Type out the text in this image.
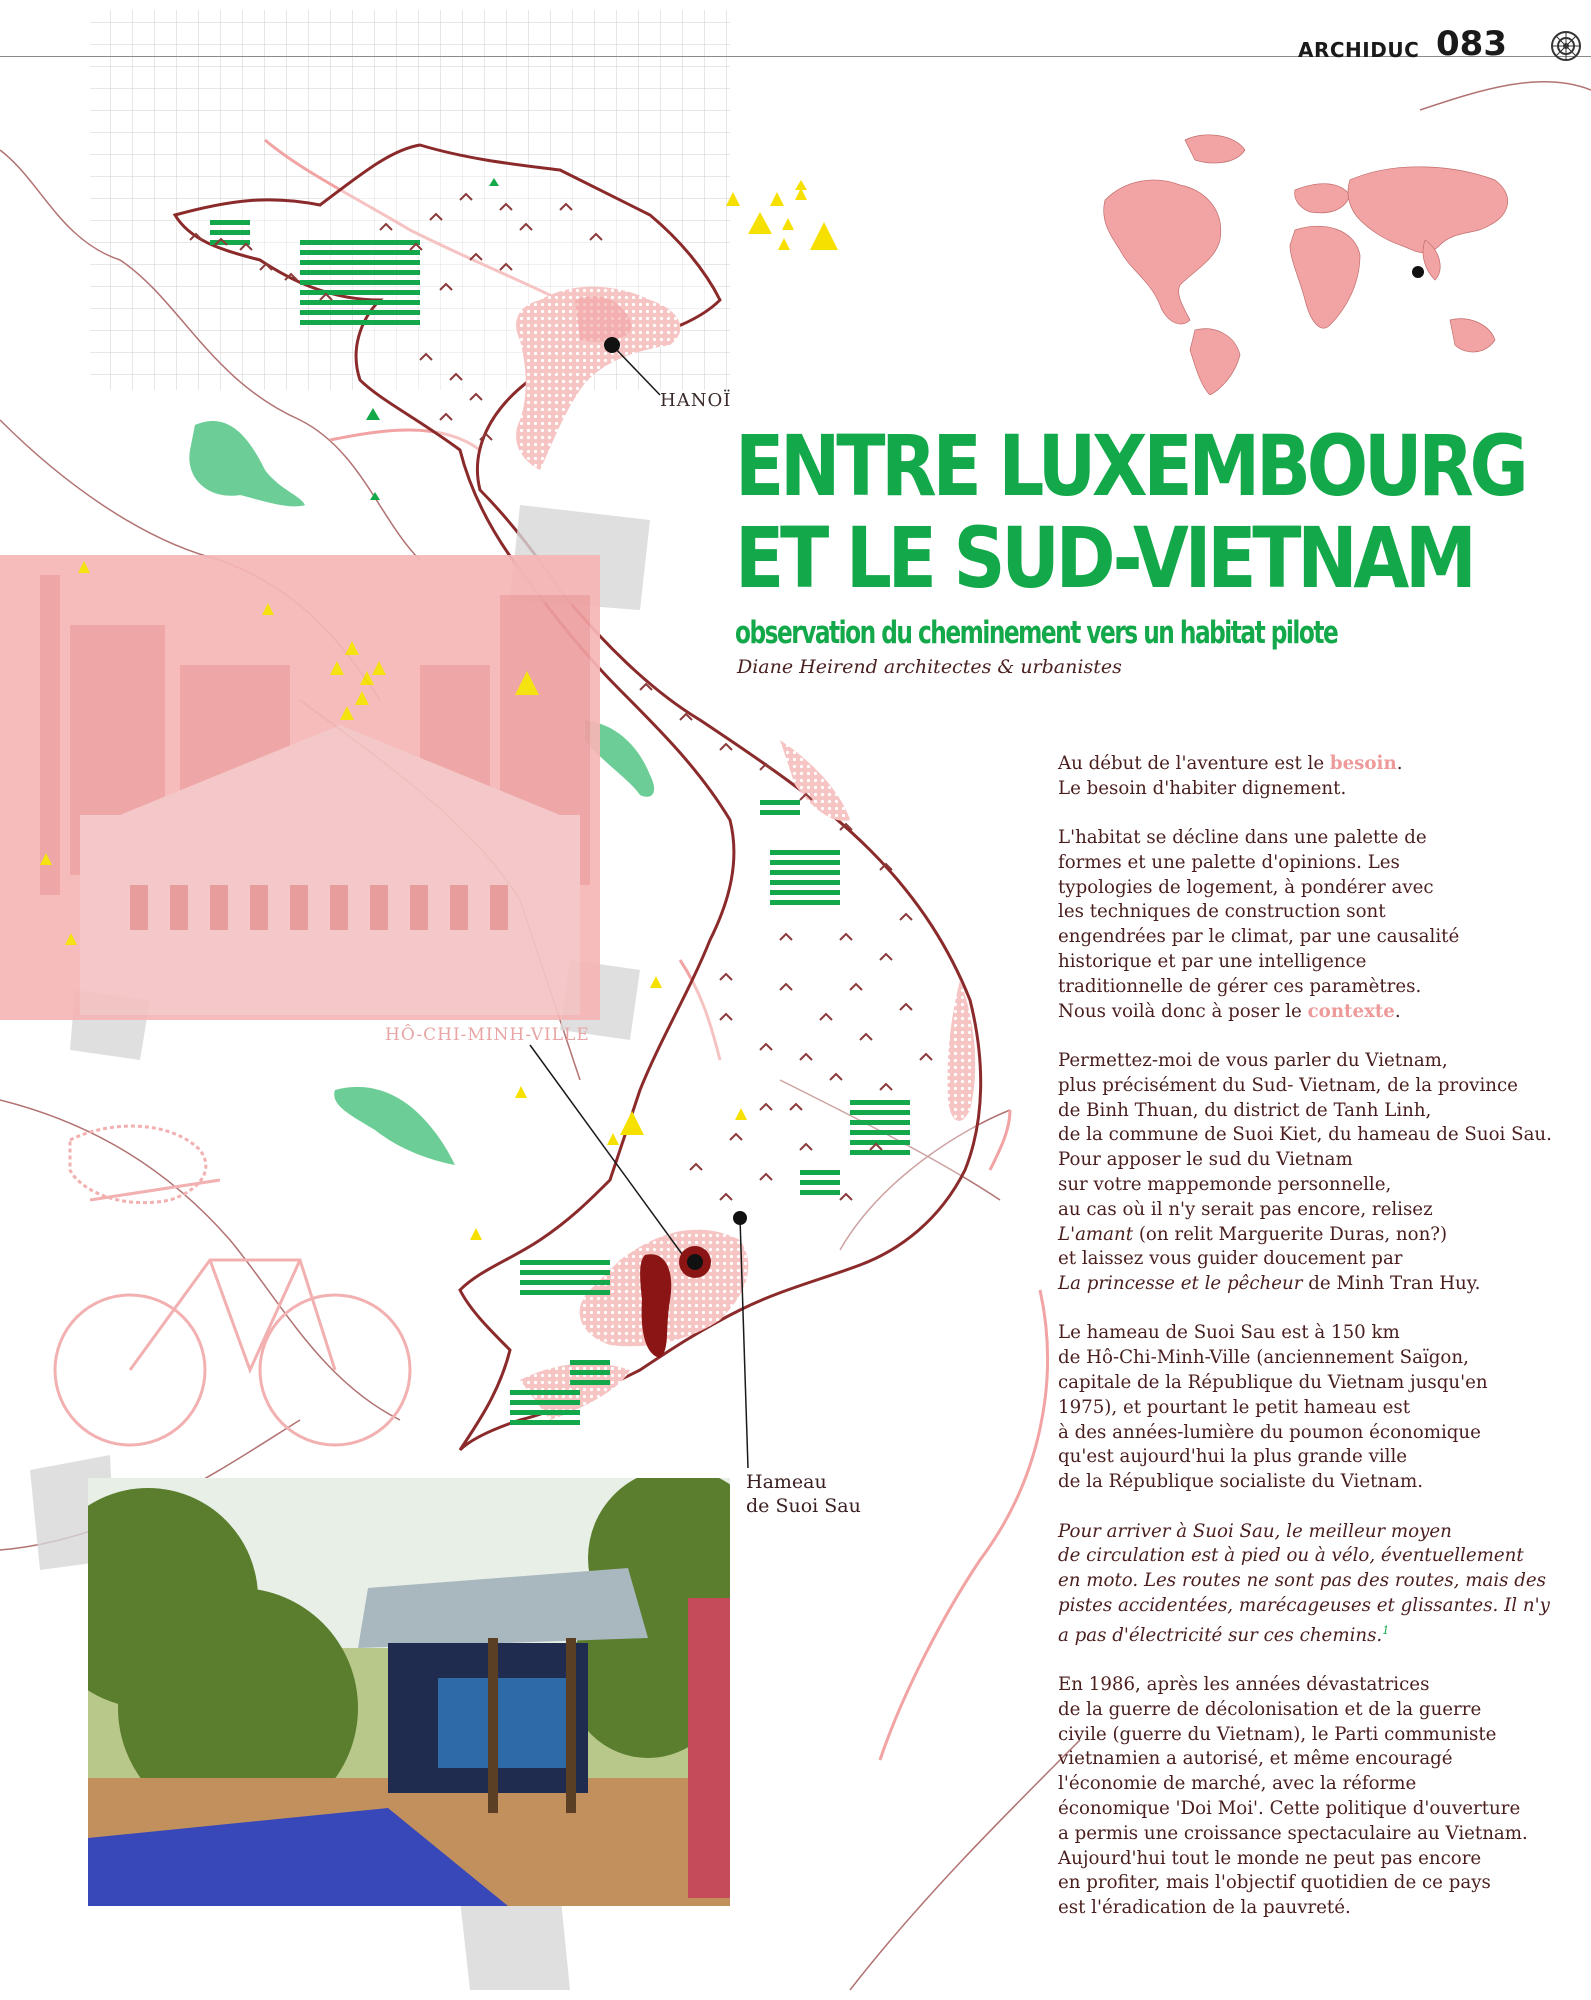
ARCHIDUC 083
HANOÏ
HÔ-CHI-MINH-VILLE
Hameau
de Suoi Sau
ENTRE LUXEMBOURG
ET LE SUD-VIETNAM
observation du cheminement vers un habitat pilote
Diane Heirend architectes & urbanistes

Au début de l'aventure est le besoin.
Le besoin d'habiter dignement.

L'habitat se décline dans une palette de
formes et une palette d'opinions. Les
typologies de logement, à pondérer avec
les techniques de construction sont
engendrées par le climat, par une causalité
historique et par une intelligence
traditionnelle de gérer ces paramètres.
Nous voilà donc à poser le contexte.

Permettez-moi de vous parler du Vietnam,
plus précisément du Sud- Vietnam, de la province
de Binh Thuan, du district de Tanh Linh,
de la commune de Suoi Kiet, du hameau de Suoi Sau.
Pour apposer le sud du Vietnam
sur votre mappemonde personnelle,
au cas où il n'y serait pas encore, relisez
L'amant (on relit Marguerite Duras, non?)
et laissez vous guider doucement par
La princesse et le pêcheur de Minh Tran Huy.

Le hameau de Suoi Sau est à 150 km
de Hô-Chi-Minh-Ville (anciennement Saïgon,
capitale de la République du Vietnam jusqu'en
1975), et pourtant le petit hameau est
à des années-lumière du poumon économique
qu'est aujourd'hui la plus grande ville
de la République socialiste du Vietnam.

Pour arriver à Suoi Sau, le meilleur moyen
de circulation est à pied ou à vélo, éventuellement
en moto. Les routes ne sont pas des routes, mais des
pistes accidentées, marécageuses et glissantes. Il n'y
a pas d'électricité sur ces chemins.$^1$

En 1986, après les années dévastatrices
de la guerre de décolonisation et de la guerre
civile (guerre du Vietnam), le Parti communiste
vietnamien a autorisé, et même encouragé
l'économie de marché, avec la réforme
économique 'Doi Moi'. Cette politique d'ouverture
a permis une croissance spectaculaire au Vietnam.
Aujourd'hui tout le monde ne peut pas encore
en profiter, mais l'objectif quotidien de ce pays
est l'éradication de la pauvreté.
